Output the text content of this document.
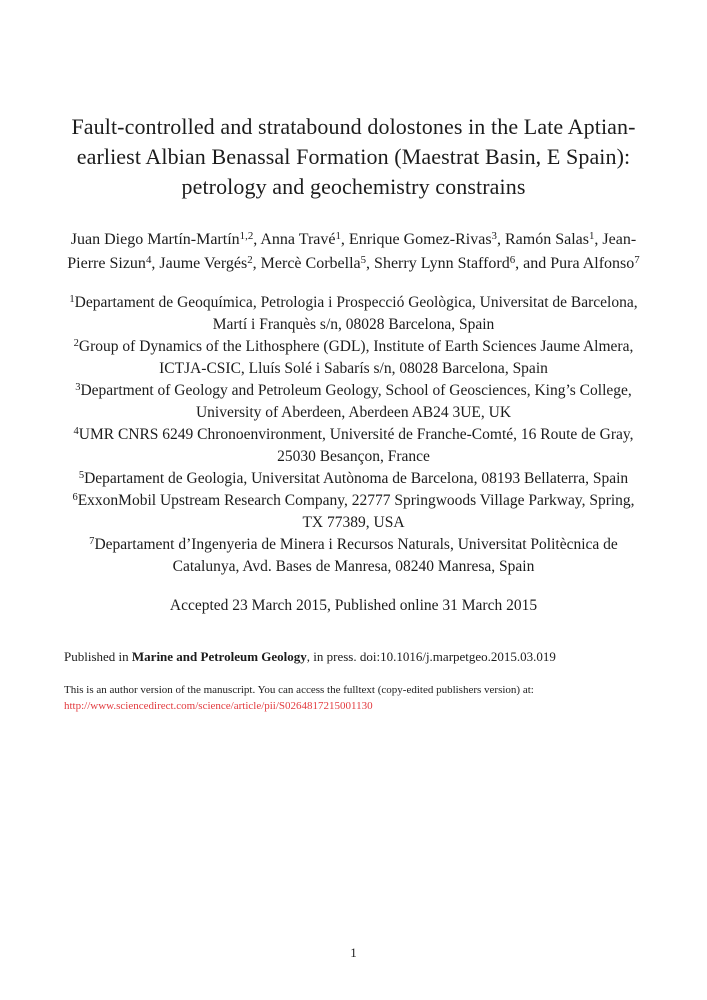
Fault-controlled and stratabound dolostones in the Late Aptian-earliest Albian Benassal Formation (Maestrat Basin, E Spain): petrology and geochemistry constrains

Juan Diego Martín-Martín$^{1,2}$, Anna Travé$^1$, Enrique Gomez-Rivas$^3$, Ramón Salas$^1$, Jean-Pierre Sizun$^4$, Jaume Vergés$^2$, Mercè Corbella$^5$, Sherry Lynn Stafford$^6$, and Pura Alfonso$^7$

$^1$Departament de Geoquímica, Petrologia i Prospecció Geològica, Universitat de Barcelona, Martí i Franquès s/n, 08028 Barcelona, Spain
$^2$Group of Dynamics of the Lithosphere (GDL), Institute of Earth Sciences Jaume Almera, ICTJA-CSIC, Lluís Solé i Sabarís s/n, 08028 Barcelona, Spain
$^3$Department of Geology and Petroleum Geology, School of Geosciences, King’s College, University of Aberdeen, Aberdeen AB24 3UE, UK
$^4$UMR CNRS 6249 Chronoenvironment, Université de Franche-Comté, 16 Route de Gray, 25030 Besançon, France
$^5$Departament de Geologia, Universitat Autònoma de Barcelona, 08193 Bellaterra, Spain
$^6$ExxonMobil Upstream Research Company, 22777 Springwoods Village Parkway, Spring, TX 77389, USA
$^7$Departament d’Ingenyeria de Minera i Recursos Naturals, Universitat Politècnica de Catalunya, Avd. Bases de Manresa, 08240 Manresa, Spain

Accepted 23 March 2015, Published online 31 March 2015

Published in Marine and Petroleum Geology, in press. doi:10.1016/j.marpetgeo.2015.03.019

This is an author version of the manuscript. You can access the fulltext (copy-edited publishers version) at:
http://www.sciencedirect.com/science/article/pii/S0264817215001130

1
